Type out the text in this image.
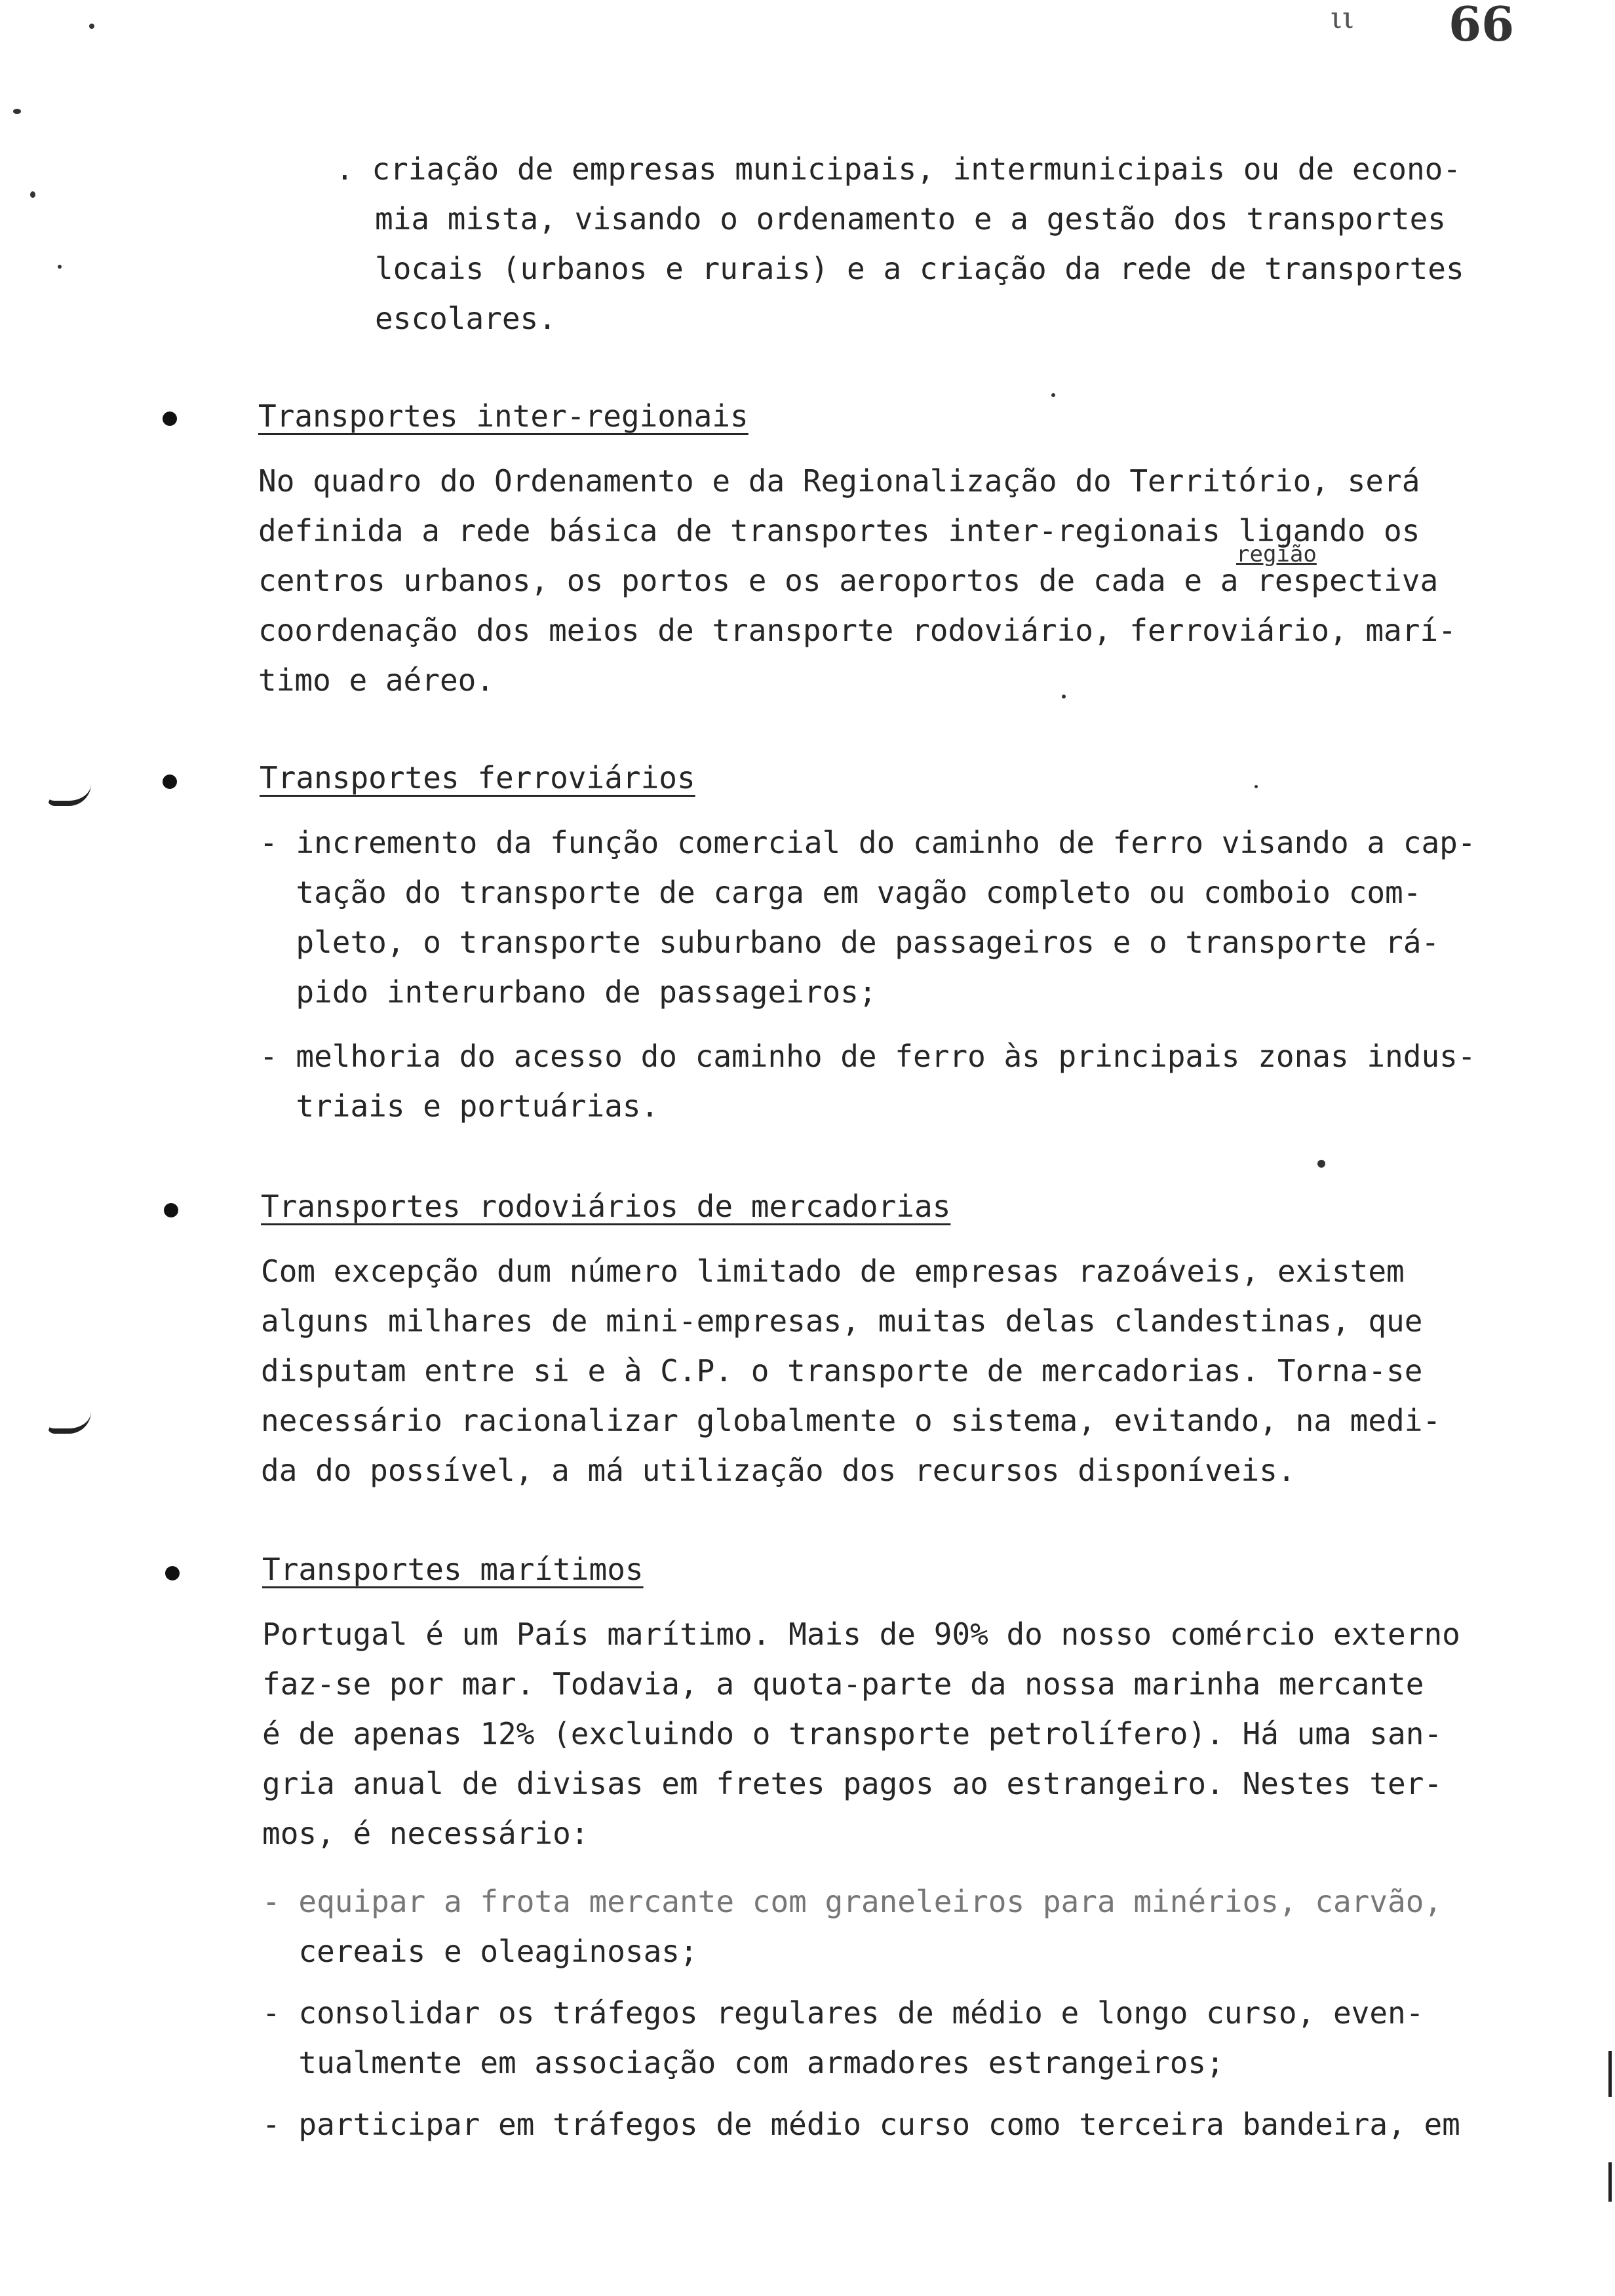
ιι 66
. criação de empresas municipais, intermunicipais ou de econo-
mia mista, visando o ordenamento e a gestão dos transportes
locais (urbanos e rurais) e a criação da rede de transportes
escolares.
Transportes inter-regionais
No quadro do Ordenamento e da Regionalização do Território, será
definida a rede básica de transportes inter-regionais ligando os
centros urbanos, os portos e os aeroportos de cada e a respectiva
coordenação dos meios de transporte rodoviário, ferroviário, marí-
timo e aéreo.
região
Transportes ferroviários
- incremento da função comercial do caminho de ferro visando a cap-
tação do transporte de carga em vagão completo ou comboio com-
pleto, o transporte suburbano de passageiros e o transporte rá-
pido interurbano de passageiros;
- melhoria do acesso do caminho de ferro às principais zonas indus-
triais e portuárias.
Transportes rodoviários de mercadorias
Com excepção dum número limitado de empresas razoáveis, existem
alguns milhares de mini-empresas, muitas delas clandestinas, que
disputam entre si e à C.P. o transporte de mercadorias. Torna-se
necessário racionalizar globalmente o sistema, evitando, na medi-
da do possível, a má utilização dos recursos disponíveis.
Transportes marítimos
Portugal é um País marítimo. Mais de 90% do nosso comércio externo
faz-se por mar. Todavia, a quota-parte da nossa marinha mercante
é de apenas 12% (excluindo o transporte petrolífero). Há uma san-
gria anual de divisas em fretes pagos ao estrangeiro. Nestes ter-
mos, é necessário:
- equipar a frota mercante com graneleiros para minérios, carvão,
cereais e oleaginosas;
- consolidar os tráfegos regulares de médio e longo curso, even-
tualmente em associação com armadores estrangeiros;
- participar em tráfegos de médio curso como terceira bandeira, em
